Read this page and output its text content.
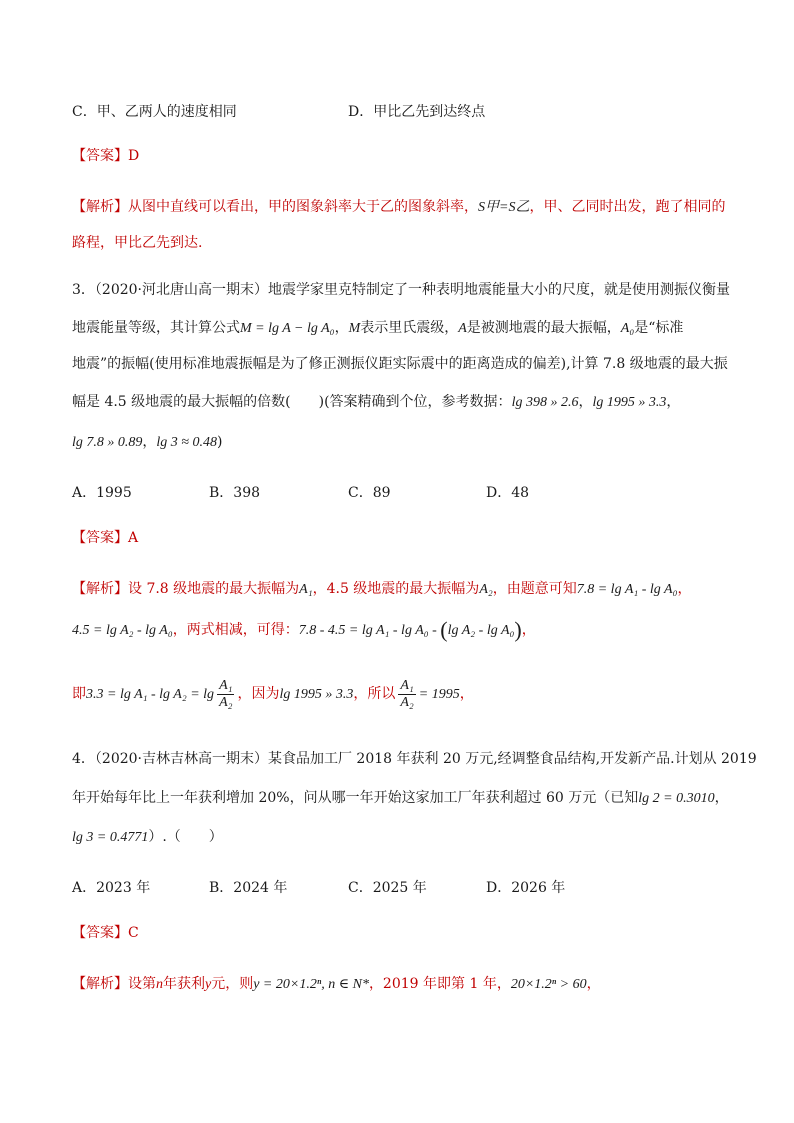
C．甲、乙两人的速度相同	D．甲比乙先到达终点
【答案】D
【解析】从图中直线可以看出，甲的图象斜率大于乙的图象斜率，S甲=S乙，甲、乙同时出发，跑了相同的
路程，甲比乙先到达.
3．（2020·河北唐山高一期末）地震学家里克特制定了一种表明地震能量大小的尺度，就是使用测振仪衡量
地震能量等级，其计算公式M = lg A − lg A₀，M表示里氏震级，A是被测地震的最大振幅，A₀是“标准
地震”的振幅(使用标准地震振幅是为了修正测振仪距实际震中的距离造成的偏差),计算 7.8 级地震的最大振
幅是 4.5 级地震的最大振幅的倍数(　　)(答案精确到个位，参考数据：lg 398 » 2.6，lg 1995 » 3.3，
lg 7.8 » 0.89，lg 3 ≈ 0.48)
A．1995	B．398	C．89	D．48
【答案】A
【解析】设 7.8 级地震的最大振幅为A₁，4.5 级地震的最大振幅为A₂，由题意可知7.8 = lg A₁ - lg A₀，
4.5 = lg A₂ - lg A₀，两式相减，可得：7.8 - 4.5 = lg A₁ - lg A₀ - (lg A₂ - lg A₀)，
即$3.3 = \lg A_1 - \lg A_2 = \lg \frac{\text{A₁}}{\text{A₂}}$ ，因为lg 1995 » 3.3，所以 $\frac{\text{A₁}}{\text{A₂}} = 1995$，
4．（2020·吉林吉林高一期末）某食品加工厂 2018 年获利 20 万元,经调整食品结构,开发新产品.计划从 2019
年开始每年比上一年获利增加 20%，问从哪一年开始这家加工厂年获利超过 60 万元（已知lg 2 = 0.3010，
lg 3 = 0.4771）.（　　）
A．2023 年	B．2024 年	C．2025 年	D．2026 年
【答案】C
【解析】设第n年获利y元，则y = 20×1.2ⁿ, n ∈ N*，2019 年即第 1 年，20×1.2ⁿ > 60，
